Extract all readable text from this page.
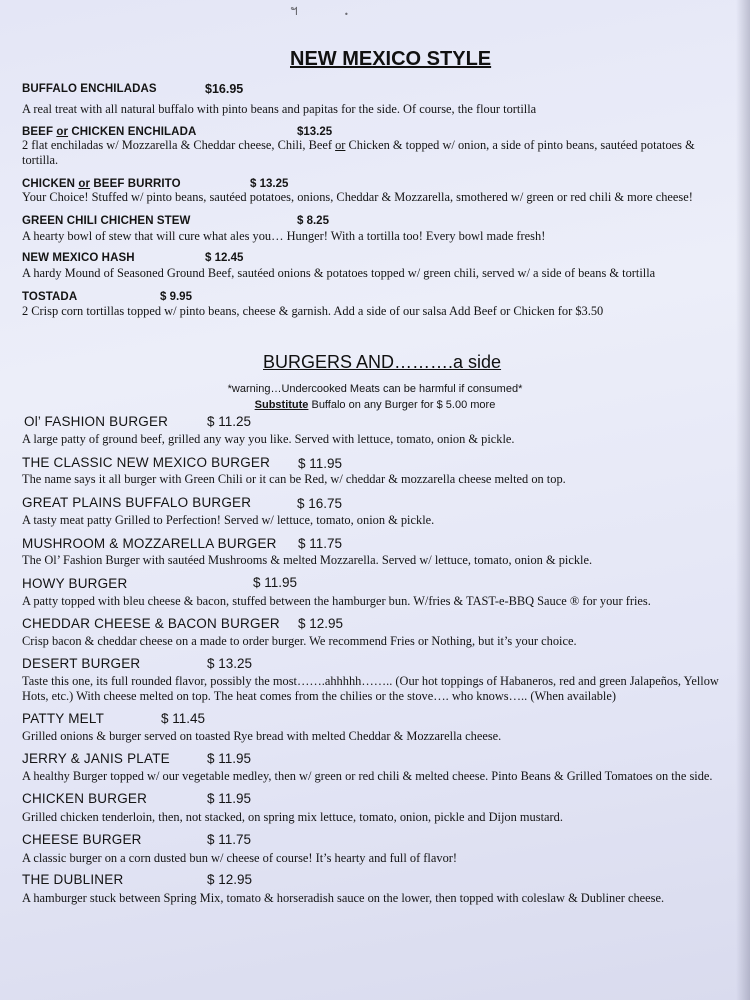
ฯ	•
NEW MEXICO STYLE
BUFFALO ENCHILADAS	$16.95
A real treat with all natural buffalo with pinto beans and papitas for the side. Of course, the flour tortilla
BEEF or CHICKEN ENCHILADA	$13.25
2 flat enchiladas w/ Mozzarella & Cheddar cheese, Chili, Beef or Chicken & topped w/ onion, a side of pinto beans, sautéed potatoes & tortilla.
CHICKEN or BEEF BURRITO	$ 13.25
Your Choice! Stuffed w/ pinto beans, sautéed potatoes, onions, Cheddar & Mozzarella, smothered w/ green or red chili & more cheese!
GREEN CHILI CHICHEN STEW	$ 8.25
A hearty bowl of stew that will cure what ales you… Hunger! With a tortilla too! Every bowl made fresh!
NEW MEXICO HASH	$ 12.45
A hardy Mound of Seasoned Ground Beef, sautéed onions & potatoes topped w/ green chili, served w/ a side of beans & tortilla
TOSTADA	$ 9.95
2 Crisp corn tortillas topped w/ pinto beans, cheese & garnish. Add a side of our salsa Add Beef or Chicken for $3.50
BURGERS AND……….a side
*warning…Undercooked Meats can be harmful if consumed*
Substitute Buffalo on any Burger for $ 5.00 more
Ol’ FASHION BURGER	$ 11.25
A large patty of ground beef, grilled any way you like. Served with lettuce, tomato, onion & pickle.
THE CLASSIC NEW MEXICO BURGER $ 11.95
The name says it all burger with Green Chili or it can be Red, w/ cheddar & mozzarella cheese melted on top.
GREAT PLAINS BUFFALO BURGER	$ 16.75
A tasty meat patty Grilled to Perfection! Served w/ lettuce, tomato, onion & pickle.
MUSHROOM & MOZZARELLA BURGER $ 11.75
The Ol’ Fashion Burger with sautéed Mushrooms & melted Mozzarella. Served w/ lettuce, tomato, onion & pickle.
HOWY BURGER	$ 11.95
A patty topped with bleu cheese & bacon, stuffed between the hamburger bun. W/fries & TAST-e-BBQ Sauce ® for your fries.
CHEDDAR CHEESE & BACON BURGER $ 12.95
Crisp bacon & cheddar cheese on a made to order burger. We recommend Fries or Nothing, but it’s your choice.
DESERT BURGER	$ 13.25
Taste this one, its full rounded flavor, possibly the most…….ahhhhh…….. (Our hot toppings of Habaneros, red and green Jalapeños, Yellow Hots, etc.) With cheese melted on top. The heat comes from the chilies or the stove…. who knows….. (When available)
PATTY MELT	$ 11.45
Grilled onions & burger served on toasted Rye bread with melted Cheddar & Mozzarella cheese.
JERRY & JANIS PLATE	$ 11.95
A healthy Burger topped w/ our vegetable medley, then w/ green or red chili & melted cheese. Pinto Beans & Grilled Tomatoes on the side.
CHICKEN BURGER	$ 11.95
Grilled chicken tenderloin, then, not stacked, on spring mix lettuce, tomato, onion, pickle and Dijon mustard.
CHEESE BURGER	$ 11.75
A classic burger on a corn dusted bun w/ cheese of course! It’s hearty and full of flavor!
THE DUBLINER	$ 12.95
A hamburger stuck between Spring Mix, tomato & horseradish sauce on the lower, then topped with coleslaw & Dubliner cheese.
